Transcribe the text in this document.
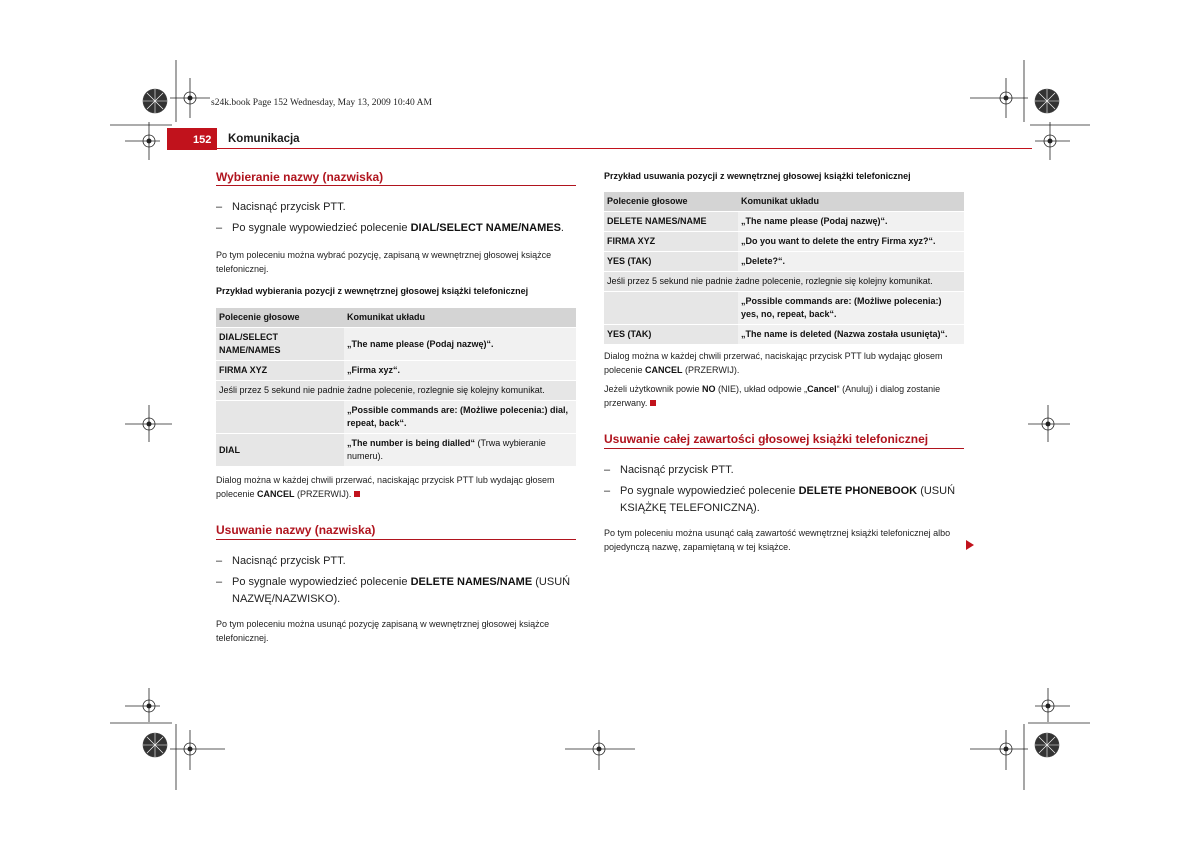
s24k.book Page 152 Wednesday, May 13, 2009 10:40 AM
152 Komunikacja
Wybieranie nazwy (nazwiska)
– Nacisnąć przycisk PTT.
– Po sygnale wypowiedzieć polecenie DIAL/SELECT NAME/NAMES.
Po tym poleceniu można wybrać pozycję, zapisaną w wewnętrznej głosowej książce telefonicznej.
Przykład wybierania pozycji z wewnętrznej głosowej książki telefonicznej
Polecenie głosowe	Komunikat układu
DIAL/SELECT NAME/NAMES	„The name please (Podaj nazwę)“.
FIRMA XYZ	„Firma xyz“.
Jeśli przez 5 sekund nie padnie żadne polecenie, rozlegnie się kolejny komunikat.	
	„Possible commands are: (Możliwe polecenia:) dial, repeat, back“.
DIAL	„The number is being dialled“ (Trwa wybieranie numeru).
Dialog można w każdej chwili przerwać, naciskając przycisk PTT lub wydając głosem polecenie CANCEL (PRZERWIJ).
Usuwanie nazwy (nazwiska)
– Nacisnąć przycisk PTT.
– Po sygnale wypowiedzieć polecenie DELETE NAMES/NAME (USUŃ NAZWĘ/NAZWISKO).
Po tym poleceniu można usunąć pozycję zapisaną w wewnętrznej głosowej książce telefonicznej.
Przykład usuwania pozycji z wewnętrznej głosowej książki telefonicznej
Polecenie głosowe	Komunikat układu
DELETE NAMES/NAME	„The name please (Podaj nazwę)“.
FIRMA XYZ	„Do you want to delete the entry Firma xyz?“.
YES (TAK)	„Delete?“.
Jeśli przez 5 sekund nie padnie żadne polecenie, rozlegnie się kolejny komunikat.	
	„Possible commands are: (Możliwe polecenia:) yes, no, repeat, back“.
YES (TAK)	„The name is deleted (Nazwa została usunięta)“.
Dialog można w każdej chwili przerwać, naciskając przycisk PTT lub wydając głosem polecenie CANCEL (PRZERWIJ).
Jeżeli użytkownik powie NO (NIE), układ odpowie „Cancel“ (Anuluj) i dialog zostanie przerwany.
Usuwanie całej zawartości głosowej książki telefonicznej
– Nacisnąć przycisk PTT.
– Po sygnale wypowiedzieć polecenie DELETE PHONEBOOK (USUŃ KSIĄŻKĘ TELEFONICZNĄ).
Po tym poleceniu można usunąć całą zawartość wewnętrznej książki telefonicznej albo pojedynczą nazwę, zapamiętaną w tej książce.
